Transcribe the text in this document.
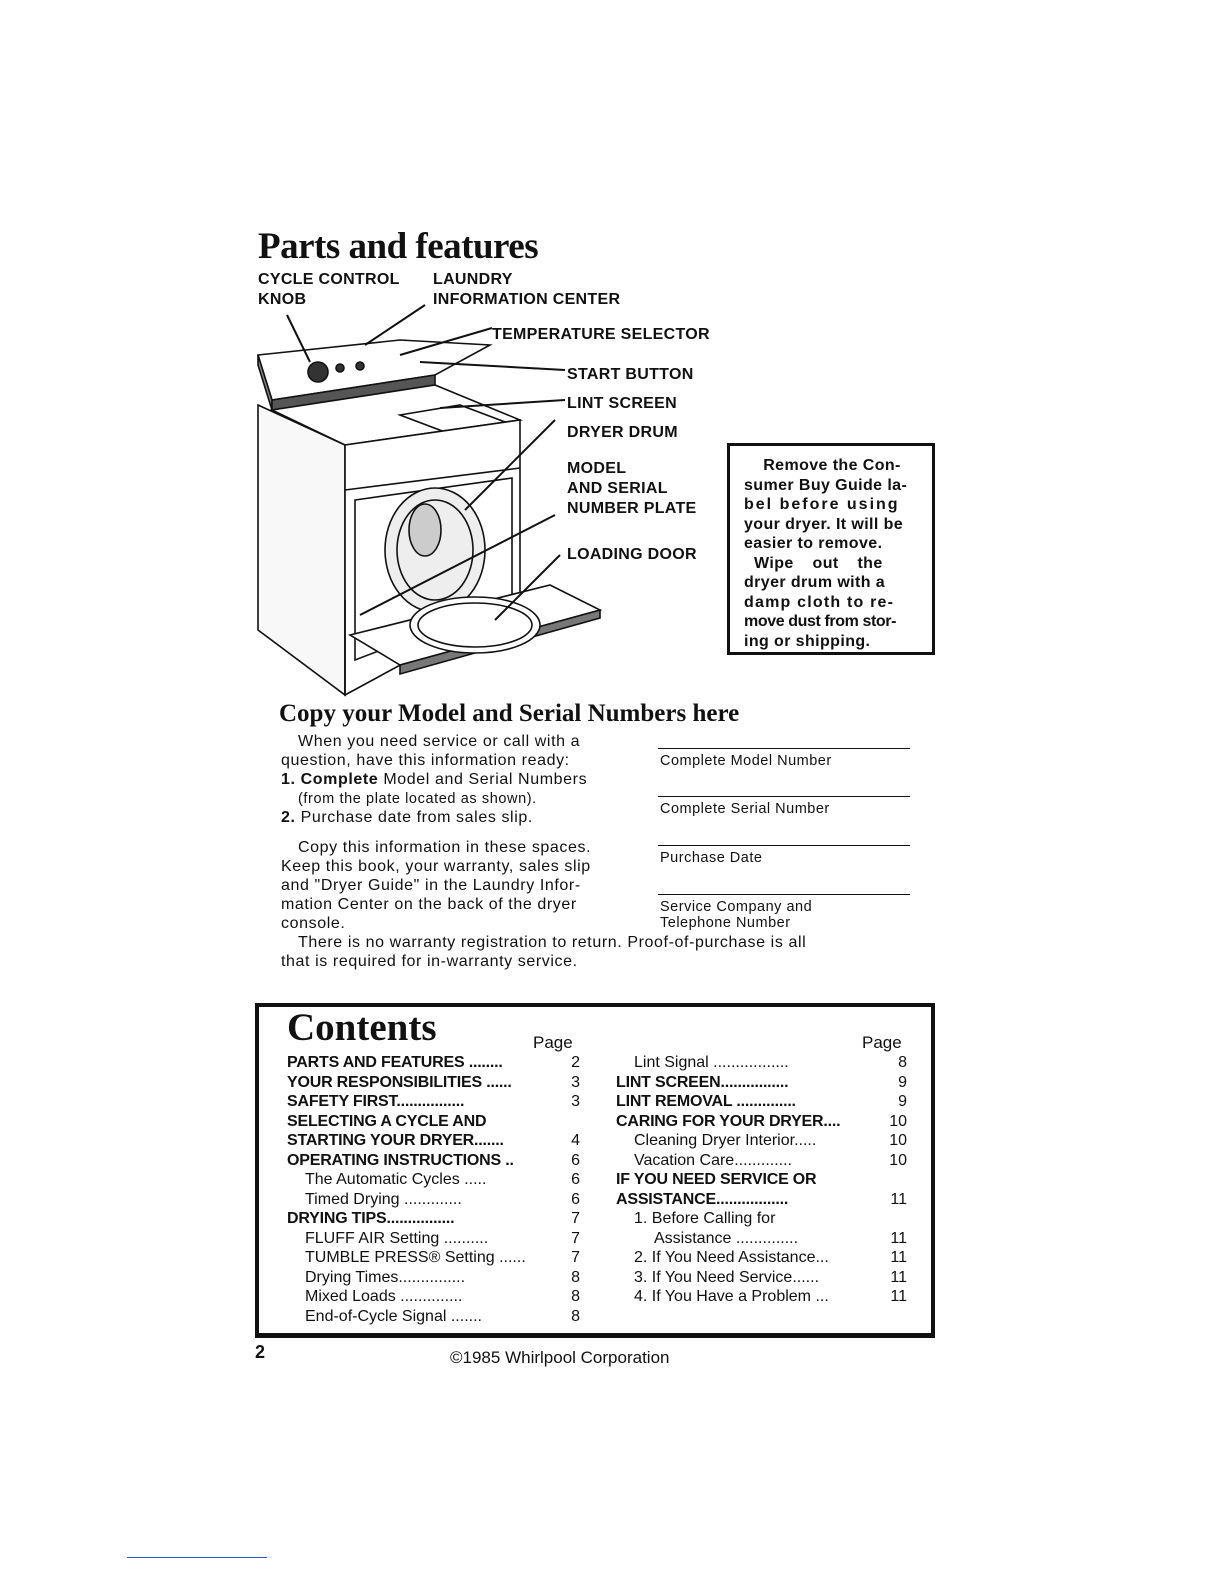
Parts and features
CYCLE CONTROL
KNOB
LAUNDRY
INFORMATION CENTER
TEMPERATURE SELECTOR
START BUTTON
LINT SCREEN
DRYER DRUM
MODEL
AND SERIAL
NUMBER PLATE
LOADING DOOR

Remove the Con-

sumer Buy Guide la-

bel before using

your dryer. It will be

easier to remove.

Wipe out the

dryer drum with a

damp cloth to re-

move dust from stor-

ing or shipping.

Copy your Model and Serial Numbers here
When you need service or call with a
question, have this information ready:
1. Complete Model and Serial Numbers
(from the plate located as shown).
2. Purchase date from sales slip.
Copy this information in these spaces.
Keep this book, your warranty, sales slip
and "Dryer Guide" in the Laundry Infor-
mation Center on the back of the dryer
console.
There is no warranty registration to return. Proof-of-purchase is all
that is required for in-warranty service.
Complete Model Number
Complete Serial Number
Purchase Date
Service Company and
Telephone Number
Contents	Page	Page
PARTS AND FEATURES ........	2
YOUR RESPONSIBILITIES ......	3
SAFETY FIRST................	3
SELECTING A CYCLE AND
STARTING YOUR DRYER.......	4
OPERATING INSTRUCTIONS ..	6
The Automatic Cycles .....	6
Timed Drying .............	6
DRYING TIPS................	7
FLUFF AIR Setting ..........	7
TUMBLE PRESS® Setting ......	7
Drying Times...............	8
Mixed Loads ..............	8
End-of-Cycle Signal .......	8
Lint Signal .................	8
LINT SCREEN................	9
LINT REMOVAL ..............	9
CARING FOR YOUR DRYER....	10
Cleaning Dryer Interior.....	10
Vacation Care.............	10
IF YOU NEED SERVICE OR
ASSISTANCE.................	11
1. Before Calling for
Assistance ..............	11
2. If You Need Assistance...	11
3. If You Need Service......	11
4. If You Have a Problem ...	11
2	©1985 Whirlpool Corporation
